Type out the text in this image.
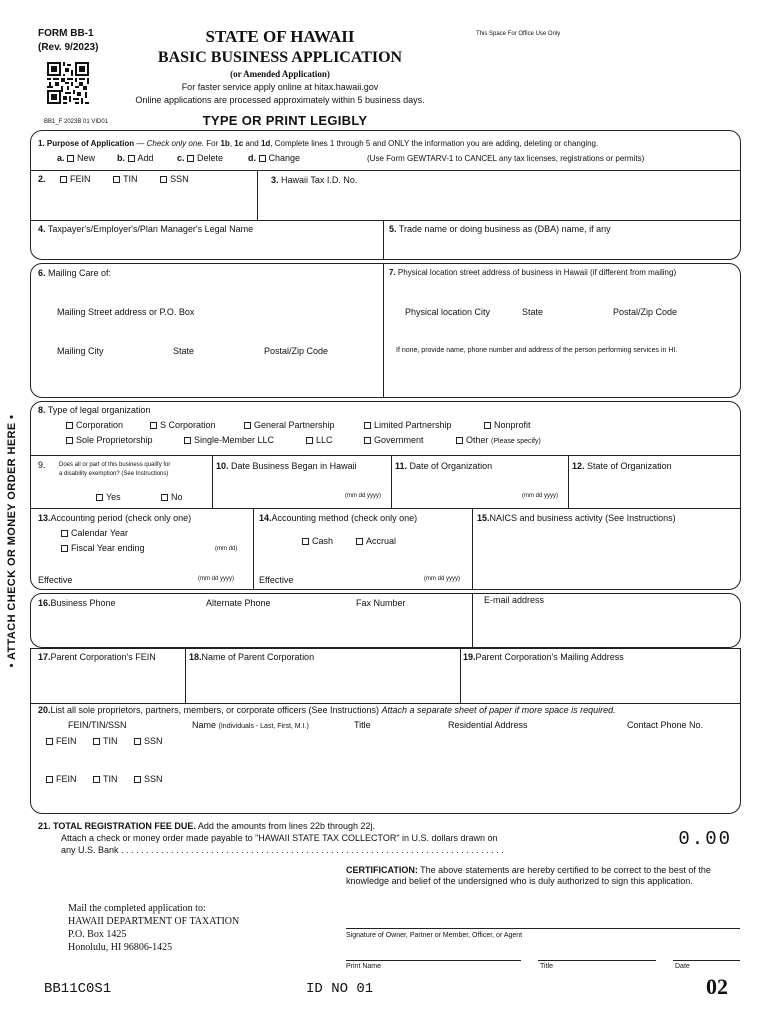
• ATTACH CHECK OR MONEY ORDER HERE •
FORM BB-1
(Rev. 9/2023)
STATE OF HAWAII
BASIC BUSINESS APPLICATION
(or Amended Application)
For faster service apply online at hitax.hawaii.gov
Online applications are processed approximately within 5 business days.
This Space For Office Use Only
BB1_F 2023B 01 VID01	TYPE OR PRINT LEGIBLY
1. Purpose of Application — Check only one. For 1b, 1c and 1d, Complete lines 1 through 5 and ONLY the information you are adding, deleting or changing.
a. New b. Add	c. Delete	d. Change	(Use Form GEWTARV-1 to CANCEL any tax licenses, registrations or permits)
2.	FEIN	TIN	SSN	3. Hawaii Tax I.D. No.
4. Taxpayer's/Employer's/Plan Manager's Legal Name	5. Trade name or doing business as (DBA) name, if any
6. Mailing Care of:
Mailing Street address or P.O. Box
Mailing City	State	Postal/Zip Code
7. Physical location street address of business in Hawaii (if different from mailing)
Physical location City	State	Postal/Zip Code
If none, provide name, phone number and address of the person performing services in HI.
8. Type of legal organization
Corporation	S Corporation	General Partnership	Limited Partnership	Nonprofit
Sole Proprietorship	Single-Member LLC	LLC	Government	Other (Please specify)
9. Does all or part of this business qualify for
a disability exemption? (See Instructions)
Yes	No
10. Date Business Began in Hawaii
(mm dd yyyy)
11. Date of Organization
(mm dd yyyy)
12. State of Organization
13.Accounting period (check only one)
Calendar Year
Fiscal Year ending	(mm dd)
Effective	(mm dd yyyy)
14.Accounting method (check only one)
Cash	Accrual
Effective	(mm dd yyyy)
15.NAICS and business activity (See Instructions)
16.Business Phone	Alternate Phone	Fax Number	E-mail address
17.Parent Corporation's FEIN	18.Name of Parent Corporation	19.Parent Corporation's Mailing Address
20.List all sole proprietors, partners, members, or corporate officers (See Instructions) Attach a separate sheet of paper if more space is required.
FEIN/TIN/SSN	Name (Individuals - Last, First, M.I.)	Title	Residential Address	Contact Phone No.
FEIN	TIN	SSN
FEIN	TIN	SSN
21. TOTAL REGISTRATION FEE DUE. Add the amounts from lines 22b through 22j.
Attach a check or money order made payable to "HAWAII STATE TAX COLLECTOR" in U.S. dollars drawn on
any U.S. Bank . . . . . . . . . . . . . . . . . . . . . . . . . . . . . . . . . . . . . . . . . . . . . . . . . . . . . . . . . . . . . . . . . . . . . . . . . . . . .	0.00
CERTIFICATION: The above statements are hereby certified to be correct to the best of the knowledge and belief of the undersigned who is duly authorized to sign this application.
Signature of Owner, Partner or Member, Officer, or Agent
Print Name	Title	Date
Mail the completed application to:
HAWAII DEPARTMENT OF TAXATION
P.O. Box 1425
Honolulu, HI 96806-1425
BB11C0S1	ID NO 01	02
